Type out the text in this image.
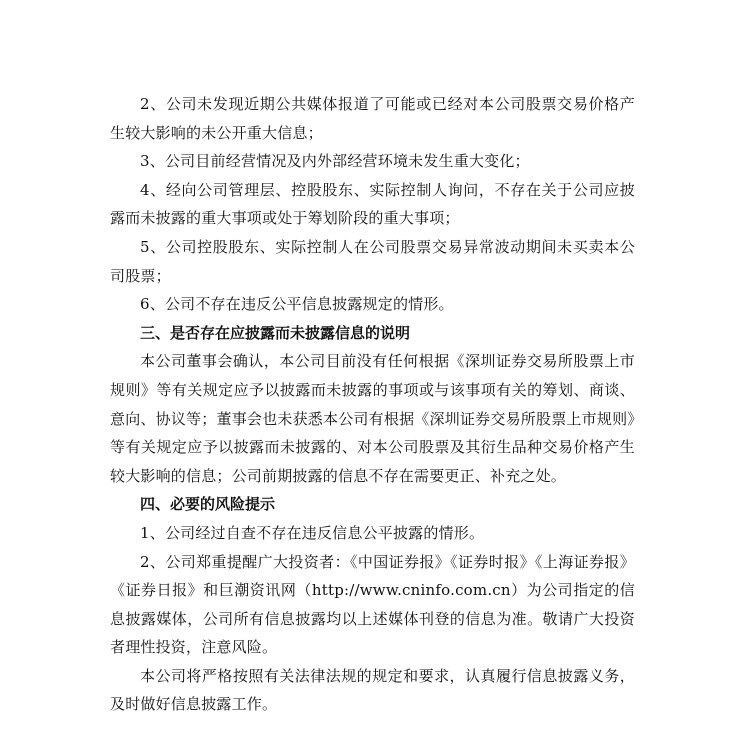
2、公司未发现近期公共媒体报道了可能或已经对本公司股票交易价格产生较大影响的未公开重大信息；

3、公司目前经营情况及内外部经营环境未发生重大变化；

4、经向公司管理层、控股股东、实际控制人询问，不存在关于公司应披露而未披露的重大事项或处于筹划阶段的重大事项；

5、公司控股股东、实际控制人在公司股票交易异常波动期间未买卖本公司股票；

6、公司不存在违反公平信息披露规定的情形。

三、是否存在应披露而未披露信息的说明

本公司董事会确认，本公司目前没有任何根据《深圳证券交易所股票上市规则》等有关规定应予以披露而未披露的事项或与该事项有关的筹划、商谈、意向、协议等；董事会也未获悉本公司有根据《深圳证券交易所股票上市规则》等有关规定应予以披露而未披露的、对本公司股票及其衍生品种交易价格产生较大影响的信息；公司前期披露的信息不存在需要更正、补充之处。

四、必要的风险提示

1、公司经过自查不存在违反信息公平披露的情形。

2、公司郑重提醒广大投资者：《中国证券报》《证券时报》《上海证券报》《证券日报》和巨潮资讯网（http://www.cninfo.com.cn）为公司指定的信息披露媒体，公司所有信息披露均以上述媒体刊登的信息为准。敬请广大投资者理性投资，注意风险。

本公司将严格按照有关法律法规的规定和要求，认真履行信息披露义务，及时做好信息披露工作。
